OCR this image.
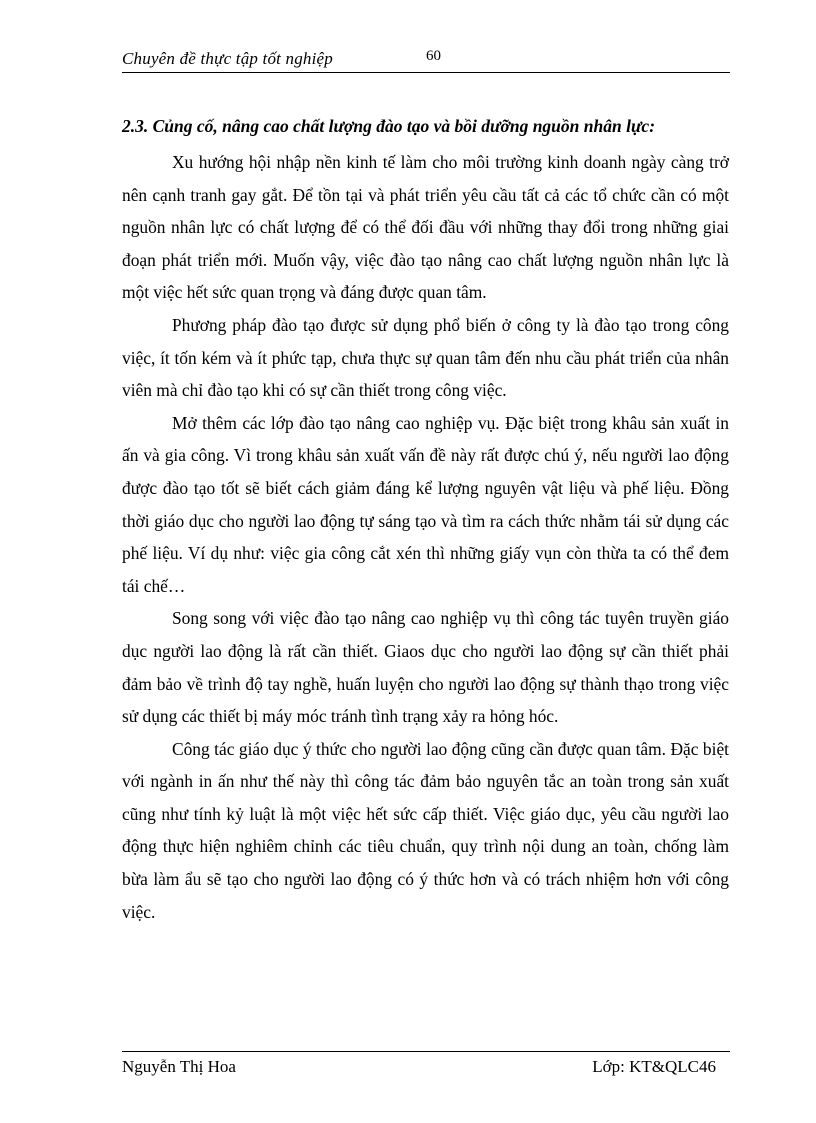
Chuyên đề thực tập tốt nghiệp	60
2.3. Củng cố, nâng cao chất lượng đào tạo và bồi dưỡng nguồn nhân lực:

Xu hướng hội nhập nền kinh tế làm cho môi trường kinh doanh ngày càng trở nên cạnh tranh gay gắt. Để tồn tại và phát triển yêu cầu tất cả các tổ chức cần có một nguồn nhân lực có chất lượng để có thể đối đầu với những thay đổi trong những giai đoạn phát triển mới. Muốn vậy, việc đào tạo nâng cao chất lượng nguồn nhân lực là một việc hết sức quan trọng và đáng được quan tâm.

Phương pháp đào tạo được sử dụng phổ biến ở công ty là đào tạo trong công việc, ít tốn kém và ít phức tạp, chưa thực sự quan tâm đến nhu cầu phát triển của nhân viên mà chỉ đào tạo khi có sự cần thiết trong công việc.

Mở thêm các lớp đào tạo nâng cao nghiệp vụ. Đặc biệt trong khâu sản xuất in ấn và gia công. Vì trong khâu sản xuất vấn đề này rất được chú ý, nếu người lao động được đào tạo tốt sẽ biết cách giảm đáng kể lượng nguyên vật liệu và phế liệu. Đồng thời giáo dục cho người lao động tự sáng tạo và tìm ra cách thức nhằm tái sử dụng các phế liệu. Ví dụ như: việc gia công cắt xén thì những giấy vụn còn thừa ta có thể đem tái chế…

Song song với việc đào tạo nâng cao nghiệp vụ thì công tác tuyên truyền giáo dục người lao động là rất cần thiết. Giaos dục cho người lao động sự cần thiết phải đảm bảo về trình độ tay nghề, huấn luyện cho người lao động sự thành thạo trong việc sử dụng các thiết bị máy móc tránh tình trạng xảy ra hỏng hóc.

Công tác giáo dục ý thức cho người lao động cũng cần được quan tâm. Đặc biệt với ngành in ấn như thế này thì công tác đảm bảo nguyên tắc an toàn trong sản xuất cũng như tính kỷ luật là một việc hết sức cấp thiết. Việc giáo dục, yêu cầu người lao động thực hiện nghiêm chỉnh các tiêu chuẩn, quy trình nội dung an toàn, chống làm bừa làm ẩu sẽ tạo cho người lao động có ý thức hơn và có trách nhiệm hơn với công việc.

Nguyễn Thị Hoa	Lớp: KT&QLC46
